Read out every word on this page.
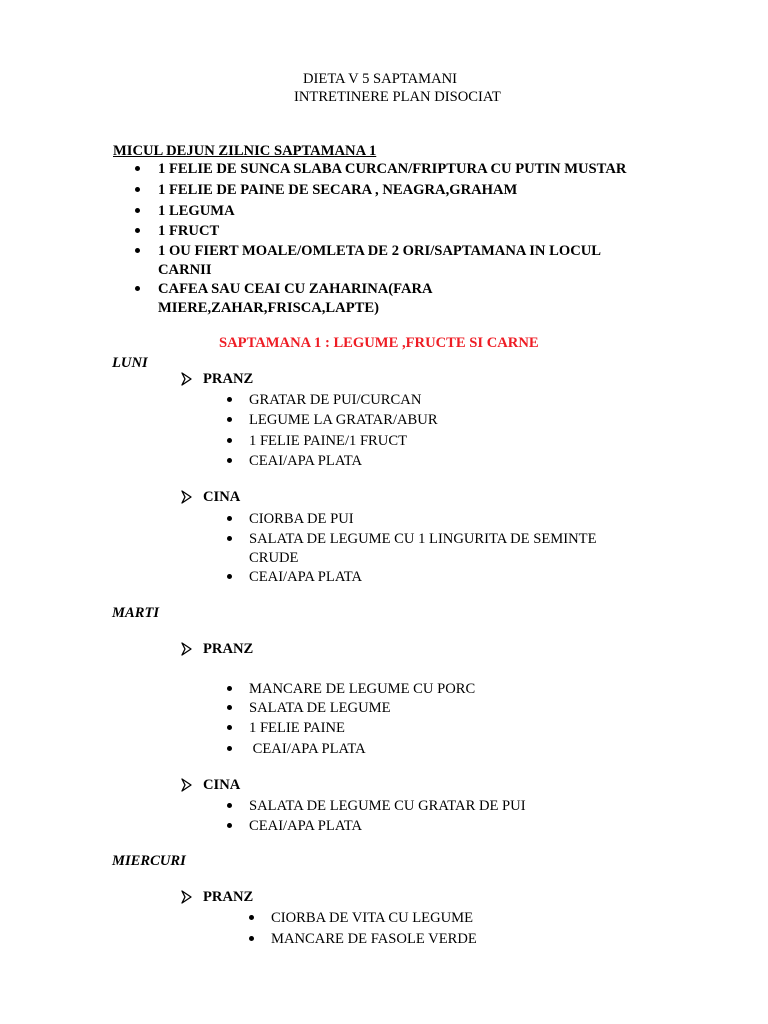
DIETA V 5 SAPTAMANI
INTRETINERE PLAN DISOCIAT
MICUL DEJUN ZILNIC SAPTAMANA 1
1 FELIE DE SUNCA SLABA CURCAN/FRIPTURA CU PUTIN MUSTAR
1 FELIE DE PAINE DE SECARA , NEAGRA,GRAHAM
1 LEGUMA
1 FRUCT
1 OU FIERT MOALE/OMLETA DE 2 ORI/SAPTAMANA IN LOCUL
CARNII
CAFEA SAU CEAI CU ZAHARINA(FARA
MIERE,ZAHAR,FRISCA,LAPTE)
SAPTAMANA 1 : LEGUME ,FRUCTE SI CARNE
LUNI
PRANZ
GRATAR DE PUI/CURCAN
LEGUME LA GRATAR/ABUR
1 FELIE PAINE/1 FRUCT
CEAI/APA PLATA
CINA
CIORBA DE PUI
SALATA DE LEGUME CU 1 LINGURITA DE SEMINTE
CRUDE
CEAI/APA PLATA
MARTI
PRANZ
MANCARE DE LEGUME CU PORC
SALATA DE LEGUME
1 FELIE PAINE
CEAI/APA PLATA
CINA
SALATA DE LEGUME CU GRATAR DE PUI
CEAI/APA PLATA
MIERCURI
PRANZ
CIORBA DE VITA CU LEGUME
MANCARE DE FASOLE VERDE
